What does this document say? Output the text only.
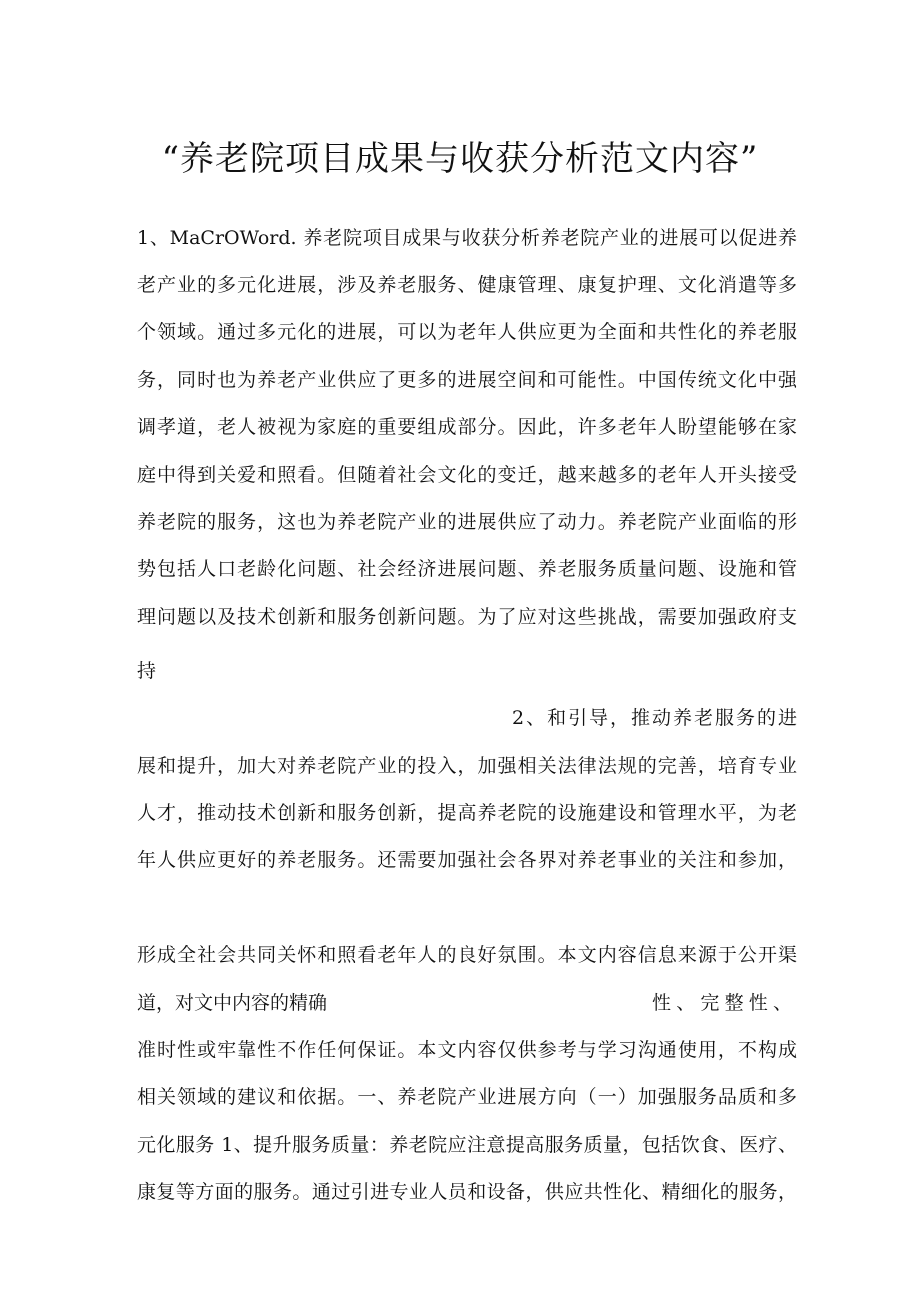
“养老院项目成果与收获分析范文内容”

1、MaCrOWord. 养老院项目成果与收获分析养老院产业的进展可以促进养

老产业的多元化进展，涉及养老服务、健康管理、康复护理、文化消遣等多

个领域。通过多元化的进展，可以为老年人供应更为全面和共性化的养老服

务，同时也为养老产业供应了更多的进展空间和可能性。中国传统文化中强

调孝道，老人被视为家庭的重要组成部分。因此，许多老年人盼望能够在家

庭中得到关爱和照看。但随着社会文化的变迁，越来越多的老年人开头接受

养老院的服务，这也为养老院产业的进展供应了动力。养老院产业面临的形

势包括人口老龄化问题、社会经济进展问题、养老服务质量问题、设施和管

理问题以及技术创新和服务创新问题。为了应对这些挑战，需要加强政府支

持

2、和引导，推动养老服务的进

展和提升，加大对养老院产业的投入，加强相关法律法规的完善，培育专业

人才，推动技术创新和服务创新，提高养老院的设施建设和管理水平，为老

年人供应更好的养老服务。还需要加强社会各界对养老事业的关注和参加，

形成全社会共同关怀和照看老年人的良好氛围。本文内容信息来源于公开渠

道，对文中内容的精确	性、完整性、

准时性或牢靠性不作任何保证。本文内容仅供参考与学习沟通使用，不构成

相关领域的建议和依据。一、养老院产业进展方向（一）加强服务品质和多

元化服务 1、提升服务质量：养老院应注意提高服务质量，包括饮食、医疗、

康复等方面的服务。通过引进专业人员和设备，供应共性化、精细化的服务，
